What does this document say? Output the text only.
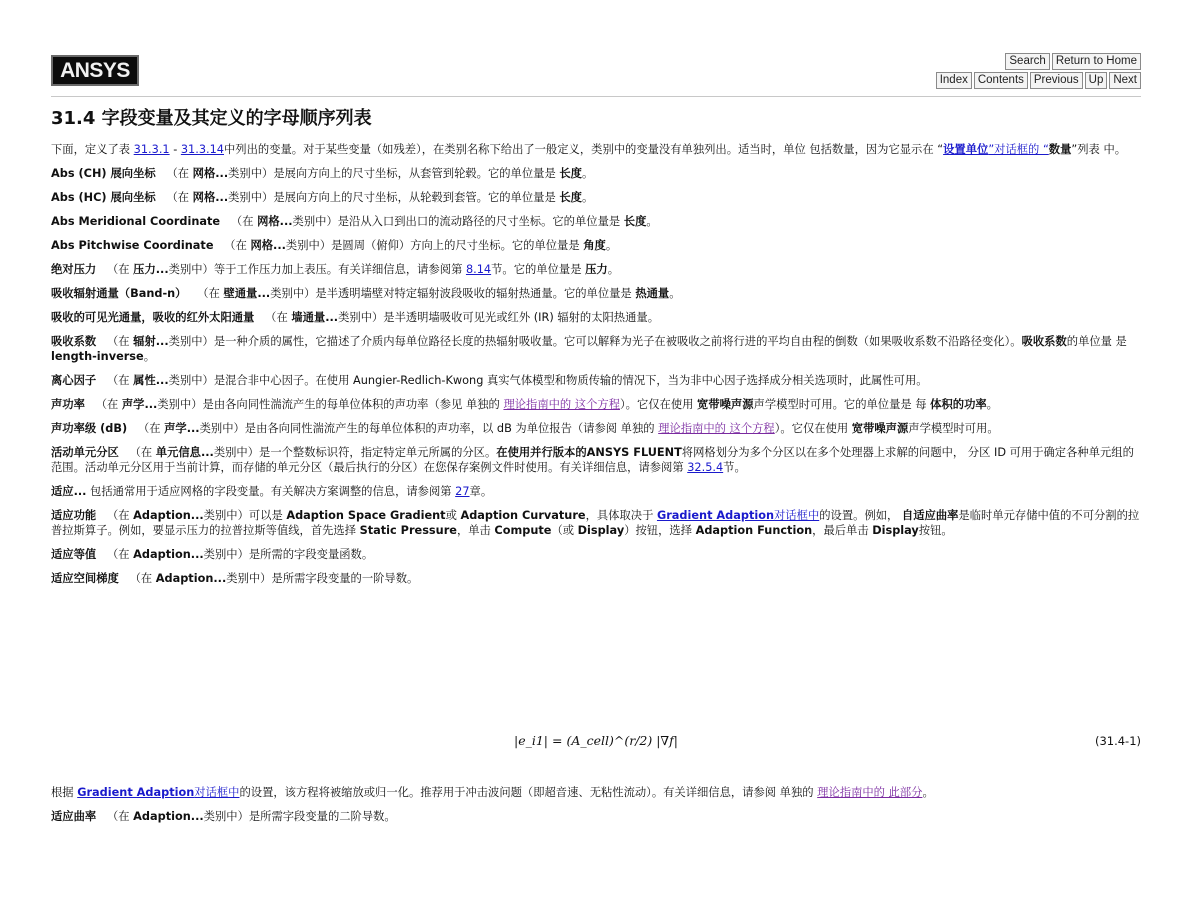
ANSYS	Search Return to Home
Index Contents Previous Up Next
31.4 字段变量及其定义的字母顺序列表

下面，定义了表 31.3.1 - 31.3.14中列出的变量。对于某些变量（如残差），在类别名称下给出了一般定义，类别中的变量没有单独列出。适当时，单位 包括数量，因为它显示在 “设置单位”对话框的 “数量”列表 中。

Abs (CH) 展向坐标 （在 网格...类别中）是展向方向上的尺寸坐标，从套管到轮毂。它的单位量是 长度。

Abs (HC) 展向坐标 （在 网格...类别中）是展向方向上的尺寸坐标，从轮毂到套管。它的单位量是 长度。

Abs Meridional Coordinate （在 网格...类别中）是沿从入口到出口的流动路径的尺寸坐标。它的单位量是 长度。

Abs Pitchwise Coordinate （在 网格...类别中）是圆周（俯仰）方向上的尺寸坐标。它的单位量是 角度。

绝对压力 （在 压力...类别中）等于工作压力加上表压。有关详细信息，请参阅第 8.14节。它的单位量是 压力。

吸收辐射通量（Band-n） （在 壁通量...类别中）是半透明墙壁对特定辐射波段吸收的辐射热通量。它的单位量是 热通量。

吸收的可见光通量，吸收的红外太阳通量 （在 墙通量...类别中）是半透明墙吸收可见光或红外 (IR) 辐射的太阳热通量。

吸收系数 （在 辐射...类别中）是一种介质的属性，它描述了介质内每单位路径长度的热辐射吸收量。它可以解释为光子在被吸收之前将行进的平均自由程的倒数（如果吸收系数不沿路径变化）。吸收系数的单位量 是 length-inverse。

离心因子 （在 属性...类别中）是混合非中心因子。在使用 Aungier-Redlich-Kwong 真实气体模型和物质传输的情况下，当为非中心因子选择成分相关选项时，此属性可用。

声功率 （在 声学...类别中）是由各向同性湍流产生的每单位体积的声功率（参见 单独的 理论指南中的 这个方程）。它仅在使用 宽带噪声源声学模型时可用。它的单位量是 每 体积的功率。

声功率级 (dB) （在 声学...类别中）是由各向同性湍流产生的每单位体积的声功率，以 dB 为单位报告（请参阅 单独的 理论指南中的 这个方程）。它仅在使用 宽带噪声源声学模型时可用。

活动单元分区 （在 单元信息...类别中）是一个整数标识符，指定特定单元所属的分区。在使用并行版本的ANSYS FLUENT将网格划分为多个分区以在多个处理器上求解的问题中， 分区 ID 可用于确定各种单元组的范围。活动单元分区用于当前计算，而存储的单元分区（最后执行的分区）在您保存案例文件时使用。有关详细信息，请参阅第 32.5.4节。

适应... 包括通常用于适应网格的字段变量。有关解决方案调整的信息，请参阅第 27章。

适应功能 （在 Adaption...类别中）可以是 Adaption Space Gradient或 Adaption Curvature，具体取决于 Gradient Adaption对话框中的设置。例如， 自适应曲率是临时单元存储中值的不可分割的拉普拉斯算子。例如，要显示压力的拉普拉斯等值线，首先选择 Static Pressure，单击 Compute（或 Display）按钮，选择 Adaption Function，最后单击 Display按钮。

适应等值 （在 Adaption...类别中）是所需的字段变量函数。

适应空间梯度 （在 Adaption...类别中）是所需字段变量的一阶导数。

|e_i1| = (A_cell)^(r/2) |∇f|	(31.4-1)

根据 Gradient Adaption对话框中的设置，该方程将被缩放或归一化。推荐用于冲击波问题（即超音速、无粘性流动）。有关详细信息，请参阅 单独的 理论指南中的 此部分。

适应曲率 （在 Adaption...类别中）是所需字段变量的二阶导数。
